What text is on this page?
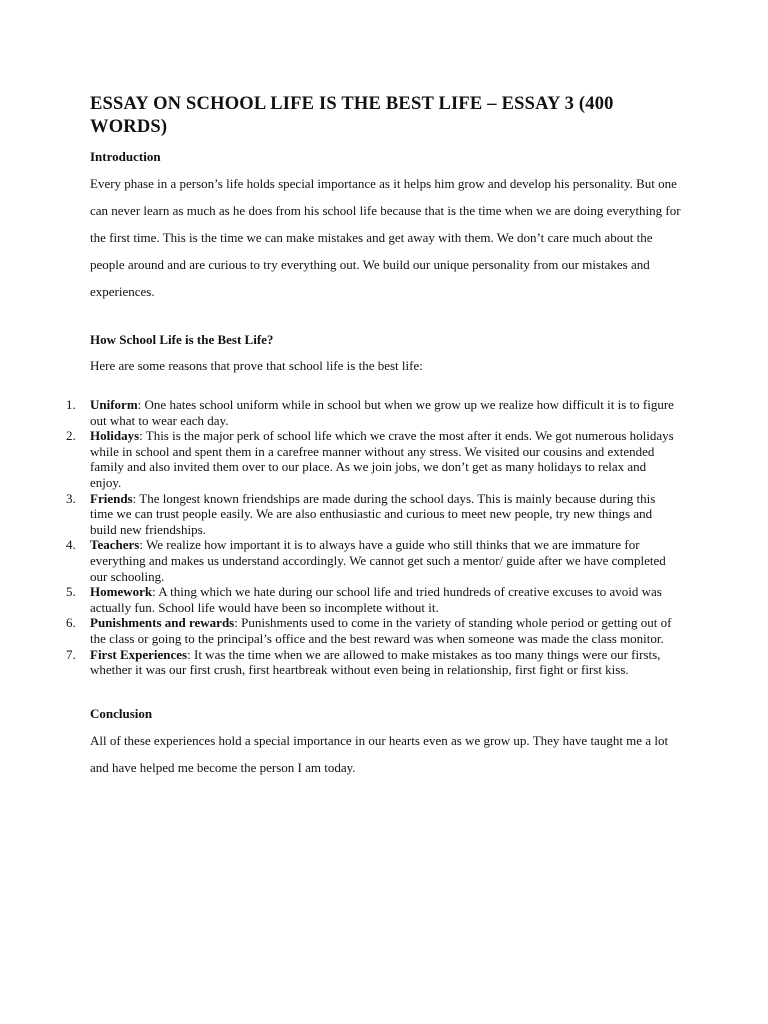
ESSAY ON SCHOOL LIFE IS THE BEST LIFE – ESSAY 3 (400 WORDS)
Introduction

Every phase in a person’s life holds special importance as it helps him grow and develop his personality. But one can never learn as much as he does from his school life because that is the time when we are doing everything for the first time. This is the time we can make mistakes and get away with them. We don’t care much about the people around and are curious to try everything out. We build our unique personality from our mistakes and experiences.

How School Life is the Best Life?

Here are some reasons that prove that school life is the best life:

1.	Uniform: One hates school uniform while in school but when we grow up we realize how difficult it is to figure out what to wear each day.
2.	Holidays: This is the major perk of school life which we crave the most after it ends. We got numerous holidays while in school and spent them in a carefree manner without any stress. We visited our cousins and extended family and also invited them over to our place. As we join jobs, we don’t get as many holidays to relax and enjoy.
3.	Friends: The longest known friendships are made during the school days. This is mainly because during this time we can trust people easily. We are also enthusiastic and curious to meet new people, try new things and build new friendships.
4.	Teachers: We realize how important it is to always have a guide who still thinks that we are immature for everything and makes us understand accordingly. We cannot get such a mentor/ guide after we have completed our schooling.
5.	Homework: A thing which we hate during our school life and tried hundreds of creative excuses to avoid was actually fun. School life would have been so incomplete without it.
6.	Punishments and rewards: Punishments used to come in the variety of standing whole period or getting out of the class or going to the principal’s office and the best reward was when someone was made the class monitor.
7.	First Experiences: It was the time when we are allowed to make mistakes as too many things were our firsts, whether it was our first crush, first heartbreak without even being in relationship, first fight or first kiss.
Conclusion

All of these experiences hold a special importance in our hearts even as we grow up. They have taught me a lot and have helped me become the person I am today.
